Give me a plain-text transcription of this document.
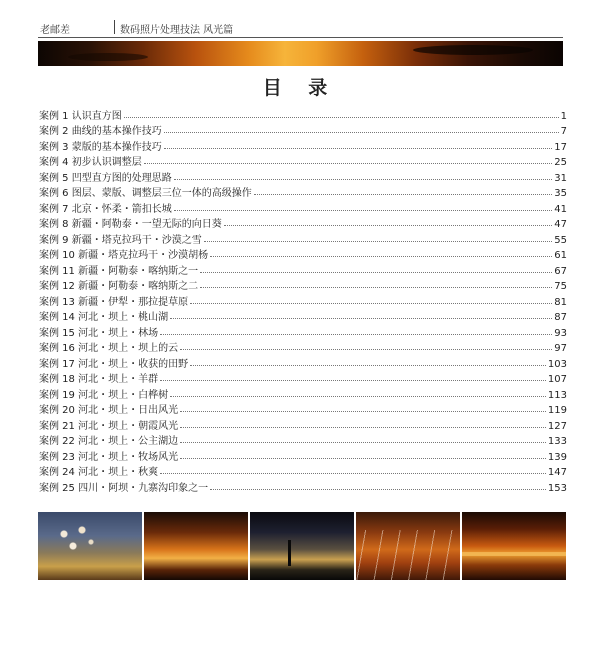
老邮差	数码照片处理技法 风光篇
目 录
案例 1 认识直方图	1
案例 2 曲线的基本操作技巧	7
案例 3 蒙版的基本操作技巧	17
案例 4 初步认识调整层	25
案例 5 凹型直方图的处理思路	31
案例 6 图层、蒙版、调整层三位一体的高级操作	35
案例 7 北京・怀柔・箭扣长城	41
案例 8 新疆・阿勒泰・一望无际的向日葵	47
案例 9 新疆・塔克拉玛干・沙漠之雪	55
案例 10 新疆・塔克拉玛干・沙漠胡杨	61
案例 11 新疆・阿勒泰・喀纳斯之一	67
案例 12 新疆・阿勒泰・喀纳斯之二	75
案例 13 新疆・伊犁・那拉提草原	81
案例 14 河北・坝上・桃山湖	87
案例 15 河北・坝上・林场	93
案例 16 河北・坝上・坝上的云	97
案例 17 河北・坝上・收获的田野	103
案例 18 河北・坝上・羊群	107
案例 19 河北・坝上・白桦树	113
案例 20 河北・坝上・日出风光	119
案例 21 河北・坝上・朝霞风光	127
案例 22 河北・坝上・公主湖边	133
案例 23 河北・坝上・牧场风光	139
案例 24 河北・坝上・秋爽	147
案例 25 四川・阿坝・九寨沟印象之一	153
